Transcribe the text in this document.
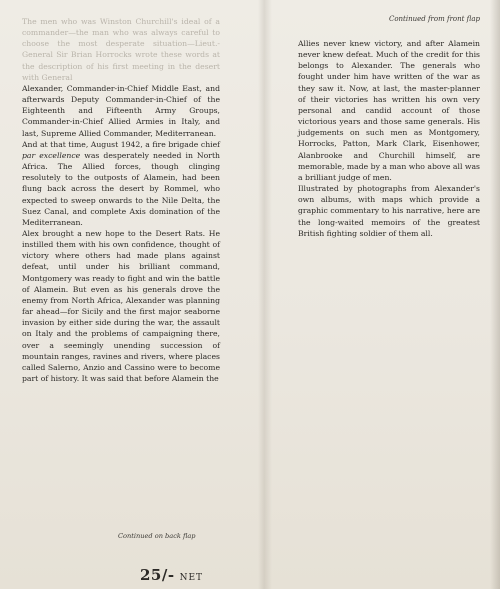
Continued from front flap

The men who was Winston Churchill's ideal of a commander—the man who was always careful to choose the most desperate situation—Lieut.-General Sir Brian Horrocks wrote these words at the description of his first meeting in the desert with General

Alexander, Commander-in-Chief Middle East, and afterwards Deputy Commander-in-Chief of the Eighteenth and Fifteenth Army Groups, Commander-in-Chief Allied Armies in Italy, and last, Supreme Allied Commander, Mediterranean.

And at that time, August 1942, a fire brigade chief par excellence was desperately needed in North Africa. The Allied forces, though clinging resolutely to the outposts of Alamein, had been flung back across the desert by Rommel, who expected to sweep onwards to the Nile Delta, the Suez Canal, and complete Axis domination of the Mediterranean.

Alex brought a new hope to the Desert Rats. He instilled them with his own confidence, thought of victory where others had made plans against defeat, until under his brilliant command, Montgomery was ready to fight and win the battle of Alamein. But even as his generals drove the enemy from North Africa, Alexander was planning far ahead—for Sicily and the first major seaborne invasion by either side during the war, the assault on Italy and the problems of campaigning there, over a seemingly unending succession of mountain ranges, ravines and rivers, where places called Salerno, Anzio and Cassino were to become part of history. It was said that before Alamein the

Allies never knew victory, and after Alamein never knew defeat. Much of the credit for this belongs to Alexander. The generals who fought under him have written of the war as they saw it. Now, at last, the master-planner of their victories has written his own very personal and candid account of those victorious years and those same generals. His judgements on such men as Montgomery, Horrocks, Patton, Mark Clark, Eisenhower, Alanbrooke and Churchill himself, are memorable, made by a man who above all was a brilliant judge of men.

Illustrated by photographs from Alexander's own albums, with maps which provide a graphic commentary to his narrative, here are the long-waited memoirs of the greatest British fighting soldier of them all.

Continued on back flap
25/- NET
